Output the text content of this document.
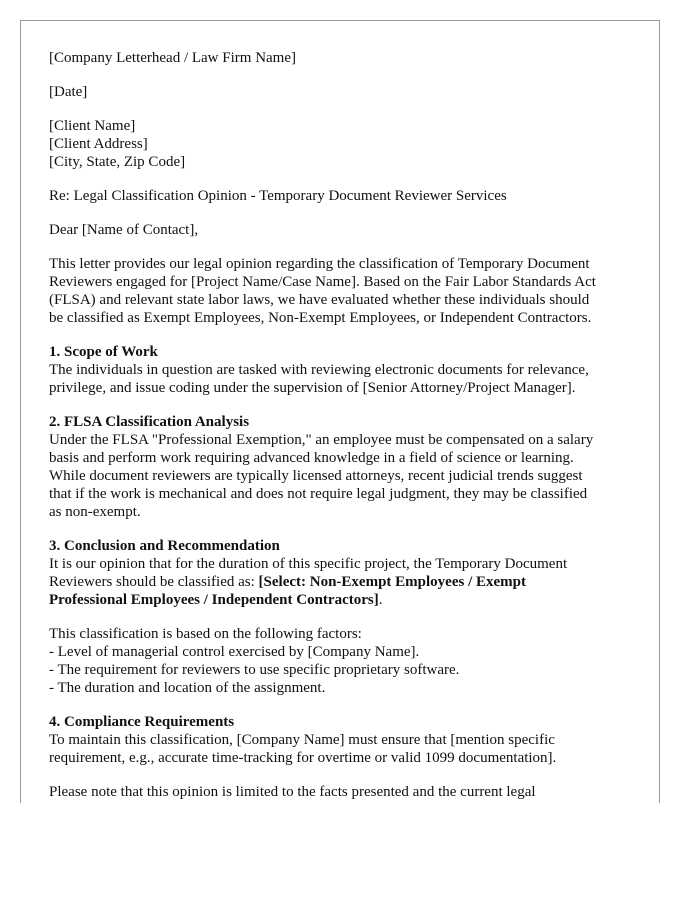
[Company Letterhead / Law Firm Name]
[Date]
[Client Name]
[Client Address]
[City, State, Zip Code]
Re: Legal Classification Opinion - Temporary Document Reviewer Services
Dear [Name of Contact],
This letter provides our legal opinion regarding the classification of Temporary Document
Reviewers engaged for [Project Name/Case Name]. Based on the Fair Labor Standards Act
(FLSA) and relevant state labor laws, we have evaluated whether these individuals should
be classified as Exempt Employees, Non-Exempt Employees, or Independent Contractors.
1. Scope of Work
The individuals in question are tasked with reviewing electronic documents for relevance,
privilege, and issue coding under the supervision of [Senior Attorney/Project Manager].
2. FLSA Classification Analysis
Under the FLSA "Professional Exemption," an employee must be compensated on a salary
basis and perform work requiring advanced knowledge in a field of science or learning.
While document reviewers are typically licensed attorneys, recent judicial trends suggest
that if the work is mechanical and does not require legal judgment, they may be classified
as non-exempt.
3. Conclusion and Recommendation
It is our opinion that for the duration of this specific project, the Temporary Document
Reviewers should be classified as: [Select: Non-Exempt Employees / Exempt
Professional Employees / Independent Contractors].
This classification is based on the following factors:
- Level of managerial control exercised by [Company Name].
- The requirement for reviewers to use specific proprietary software.
- The duration and location of the assignment.
4. Compliance Requirements
To maintain this classification, [Company Name] must ensure that [mention specific
requirement, e.g., accurate time-tracking for overtime or valid 1099 documentation].
Please note that this opinion is limited to the facts presented and the current legal
